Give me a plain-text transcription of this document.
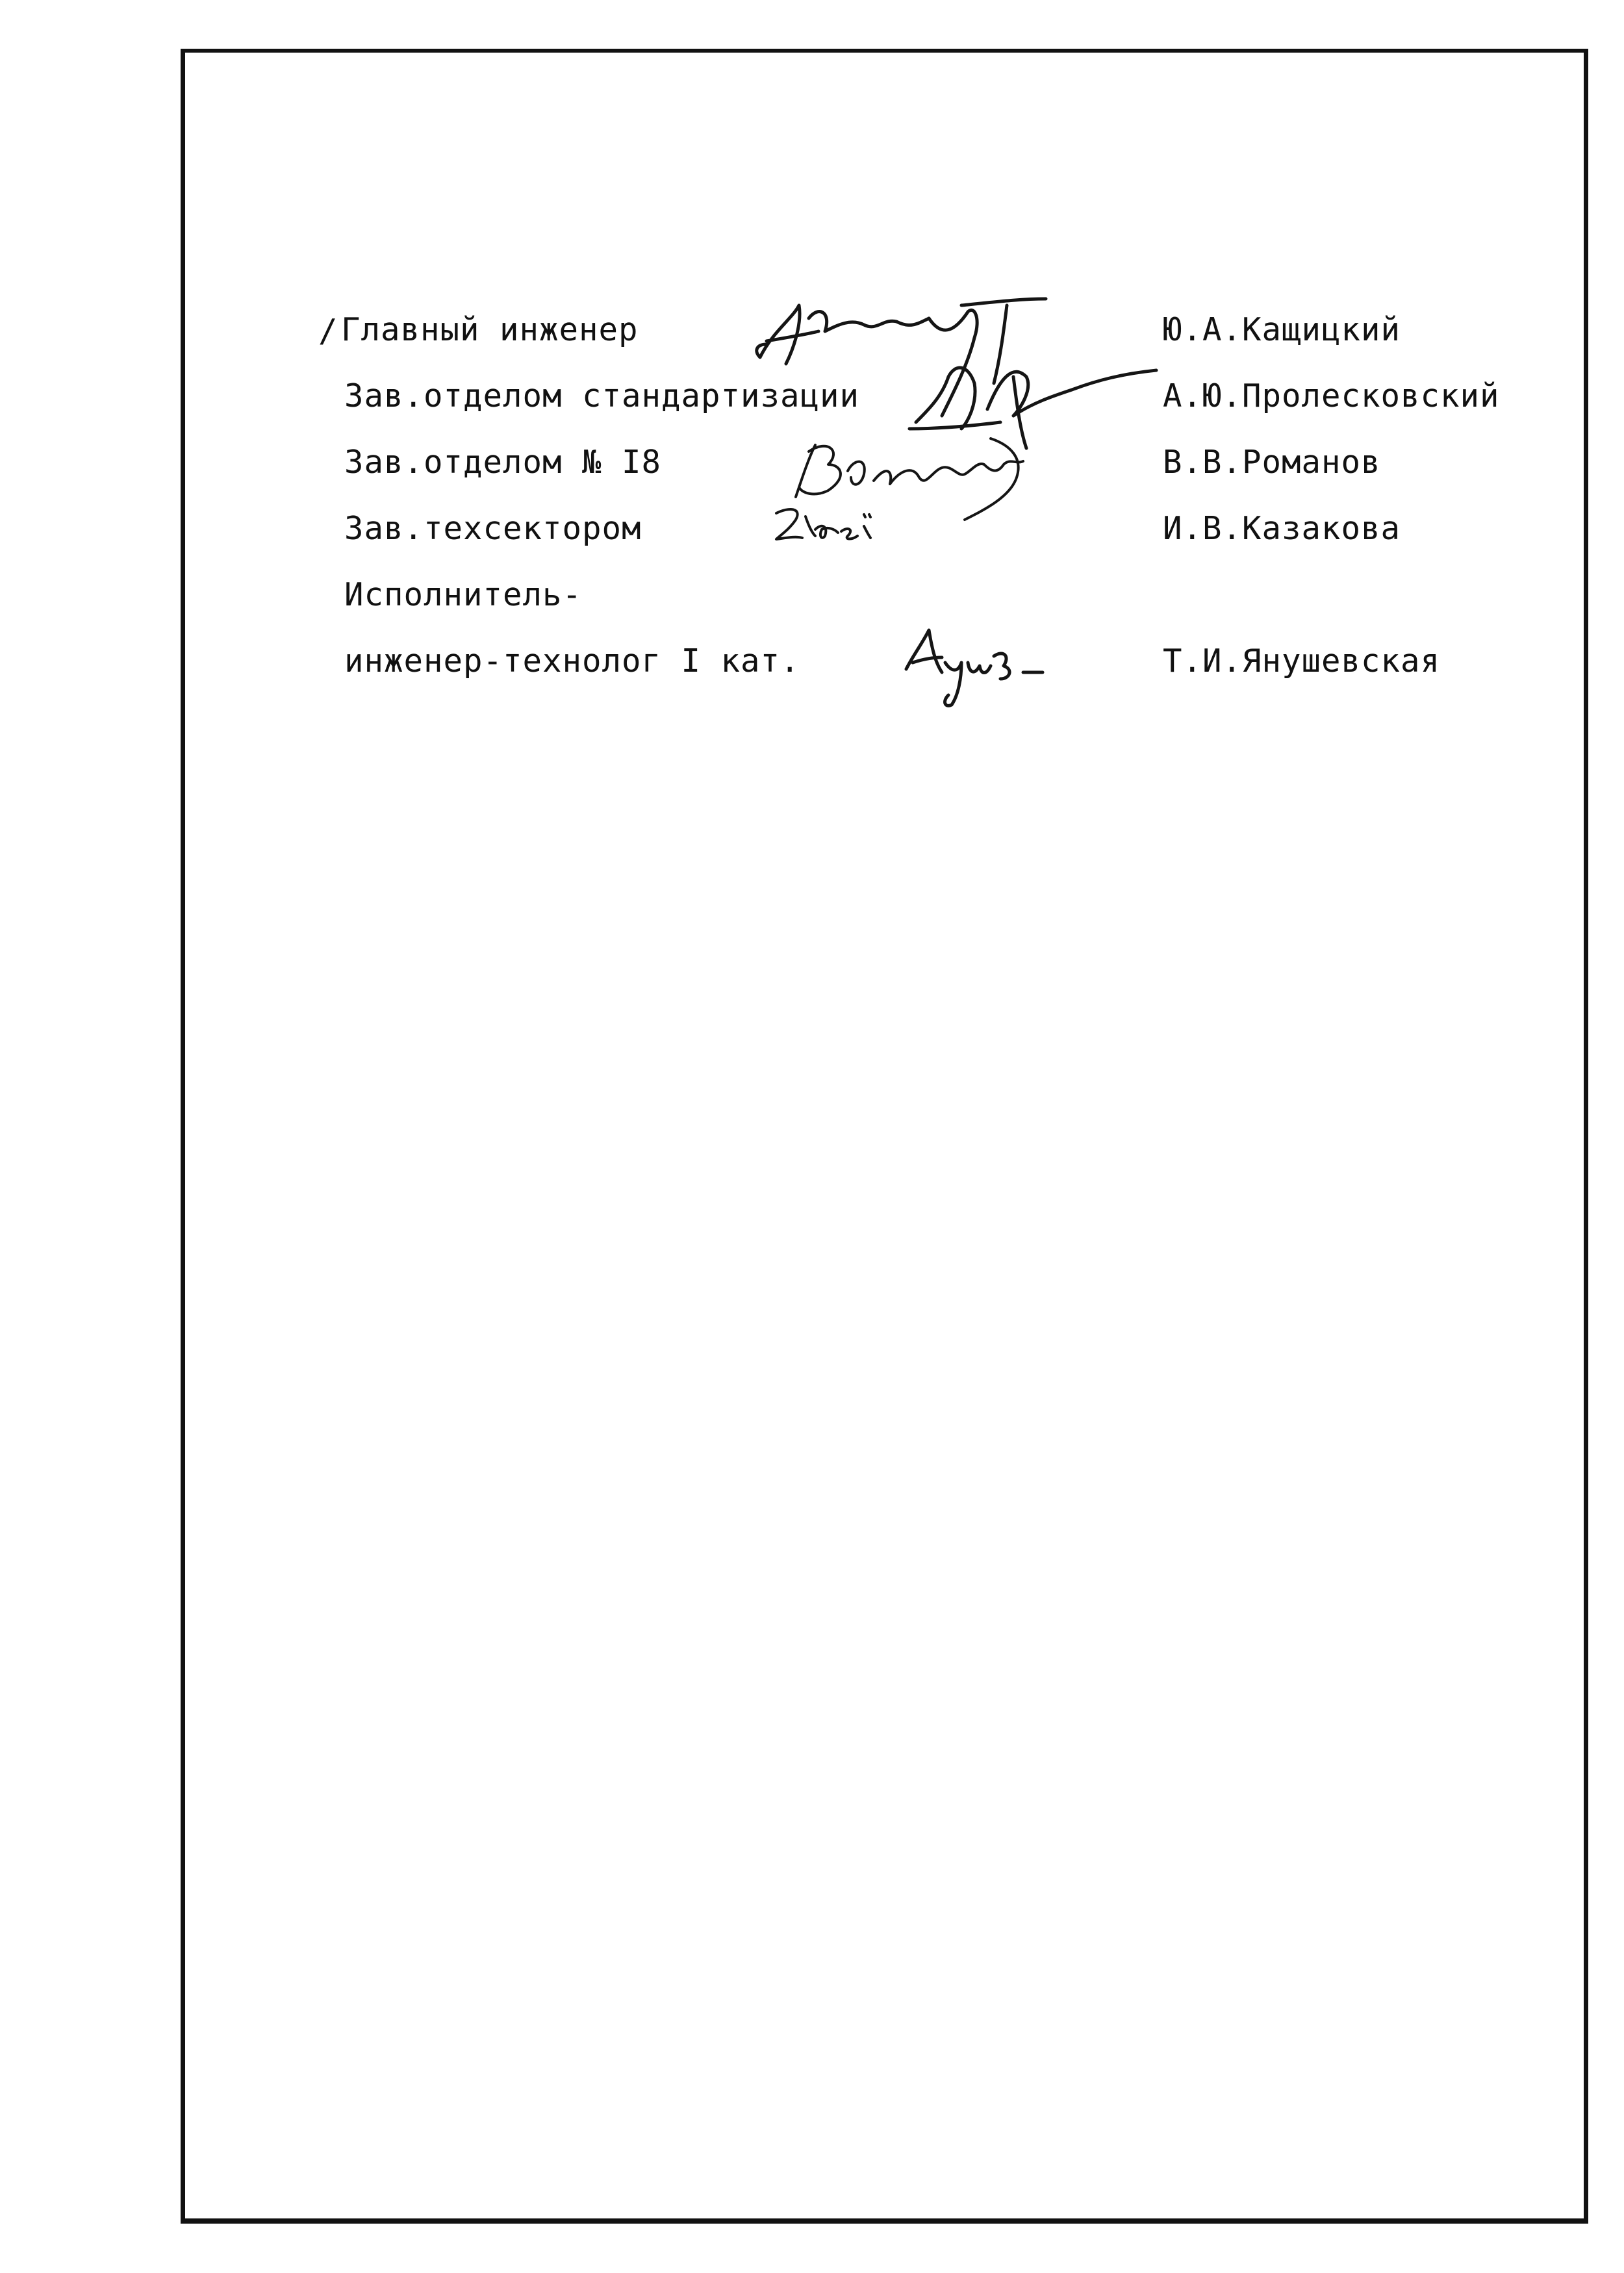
/ Главный инженер	Ю.А.Кащицкий
Зав.отделом стандартизации	А.Ю.Пролесковский
Зав.отделом № I8	В.В.Романов
Зав.техсектором	И.В.Казакова
Исполнитель-
инженер-технолог I кат.	Т.И.Янушевская
